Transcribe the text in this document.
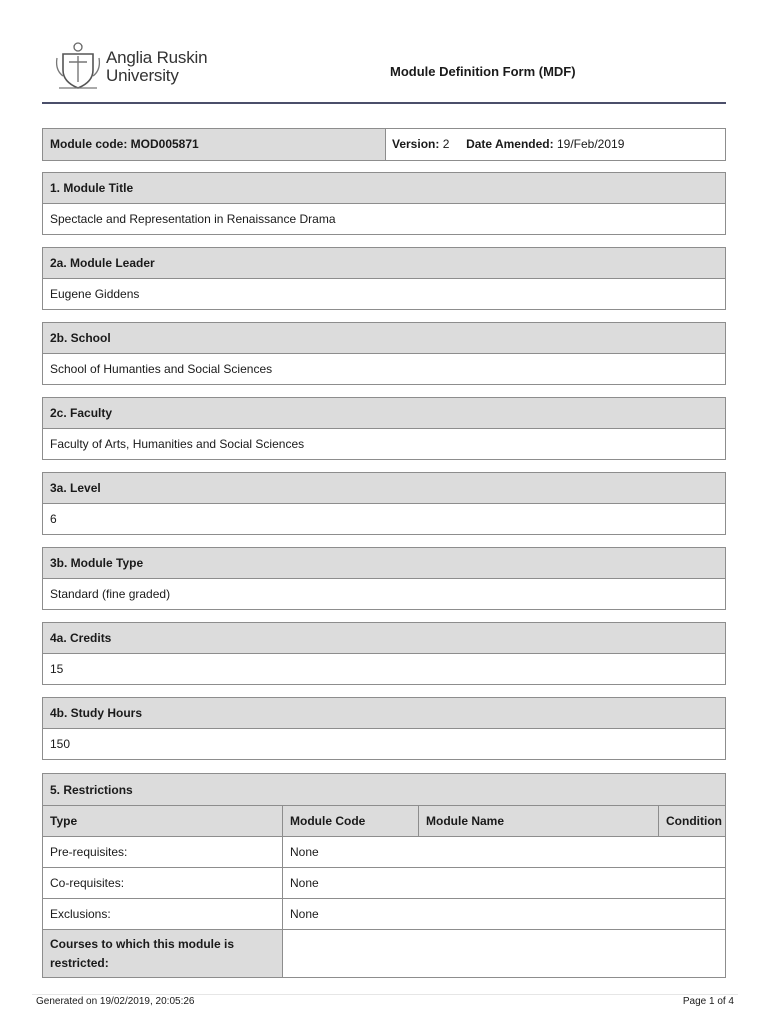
Anglia Ruskin
University	Module Definition Form (MDF)
Module code: MOD005871	Version: 2 Date Amended: 19/Feb/2019
1. Module Title
Spectacle and Representation in Renaissance Drama
2a. Module Leader
Eugene Giddens
2b. School
School of Humanties and Social Sciences
2c. Faculty
Faculty of Arts, Humanities and Social Sciences
3a. Level
6
3b. Module Type
Standard (fine graded)
4a. Credits
15
4b. Study Hours
150
5. Restrictions			
Type	Module Code	Module Name	Condition
Pre-requisites:	None		
Co-requisites:	None		
Exclusions:	None		
Courses to which this module is restricted:			
Generated on 19/02/2019, 20:05:26	Page 1 of 4
